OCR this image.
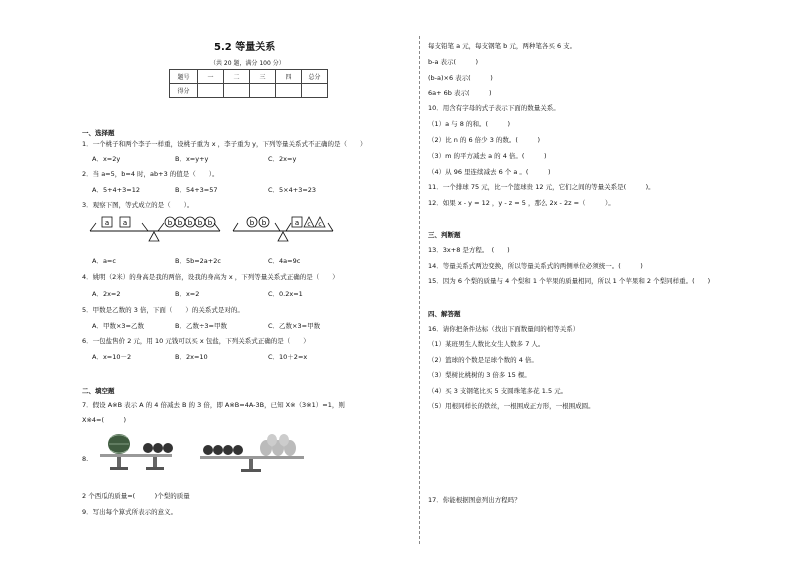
5.2 等量关系
（共 20 题，满分 100 分）
题号	一	二	三	四	总分
得分					
一、选择题
1．一个桃子和两个李子一样重，设桃子重为 x ，李子重为 y，下列等量关系式不正确的是（　　）
A．x=2y	B．x=y+y	C．2x=y
2．当 a=5，b=4 时，ab+3 的值是（　　）。
A．5+4+3=12	B．54+3=57	C．5×4+3=23
3．观察下图，等式成立的是（　　）。
a a	b b b b b	b b	a c c
A．a=c	B．5b=2a+2c	C．4a=9c
4．姚明（2米）的身高是我的两倍，设我的身高为 x ，下列等量关系式正确的是（　　）
A．2x=2	B．x=2	C．0.2x=1
5．甲数是乙数的 3 倍，下面（　　）的关系式是对的。
A．甲数×3=乙数	B．乙数÷3=甲数	C．乙数×3=甲数
6．一包盐售价 2 元，用 10 元钱可以买 x 包盐，下列关系式正确的是（　　）
A．x=10－2	B．2x=10	C．10＋2=x
二、填空题
7．假设 A※B 表示 A 的 4 倍减去 B 的 3 倍，即 A※B=4A-3B，已知 X※（3※1）=1，则
X※4=(　　　)
8.
2 个西瓜的质量=(　　　)个梨的质量
9．写出每个算式所表示的意义。
每支铅笔 a 元，每支钢笔 b 元，两种笔各买 6 支。
b-a 表示(　　　)
(b-a)×6 表示(　　　)
6a+ 6b 表示(　　　)
10．用含有字母的式子表示下面的数量关系。
（1）a 与 8 的和。(　　　)
（2）比 n 的 6 倍少 3 的数。(　　　)
（3）m 的平方减去 a 的 4 倍。(　　　)
（4）从 96 里连续减去 6 个 a 。(　　　)
11．一个排球 75 元，比一个篮球贵 12 元，它们之间的等量关系是(　　　)。
12．如果 x - y = 12 ，y - z = 5 ，那么 2x - 2z =（　　　）。
三、判断题
13．3x+8 是方程。　(　　)
14．等量关系式两边变换，所以等量关系式的两侧单位必须统一。(　　　)
15．因为 6 个梨的质量与 4 个梨和 1 个苹果的质量相同，所以 1 个苹果和 2 个梨同样重。(　　)
四、解答题
16．请你把条件达标（找出下面数量间的相等关系）
（1）某班男生人数比女生人数多 7 人。
（2）篮球的个数是足球个数的 4 倍。
（3）梨树比桃树的 3 倍多 15 棵。
（4）买 3 支钢笔比买 5 支圆珠笔多花 1.5 元。
（5）用根同样长的铁丝，一根围成正方形，一根围成圆。
17．你能根据图意列出方程吗？
